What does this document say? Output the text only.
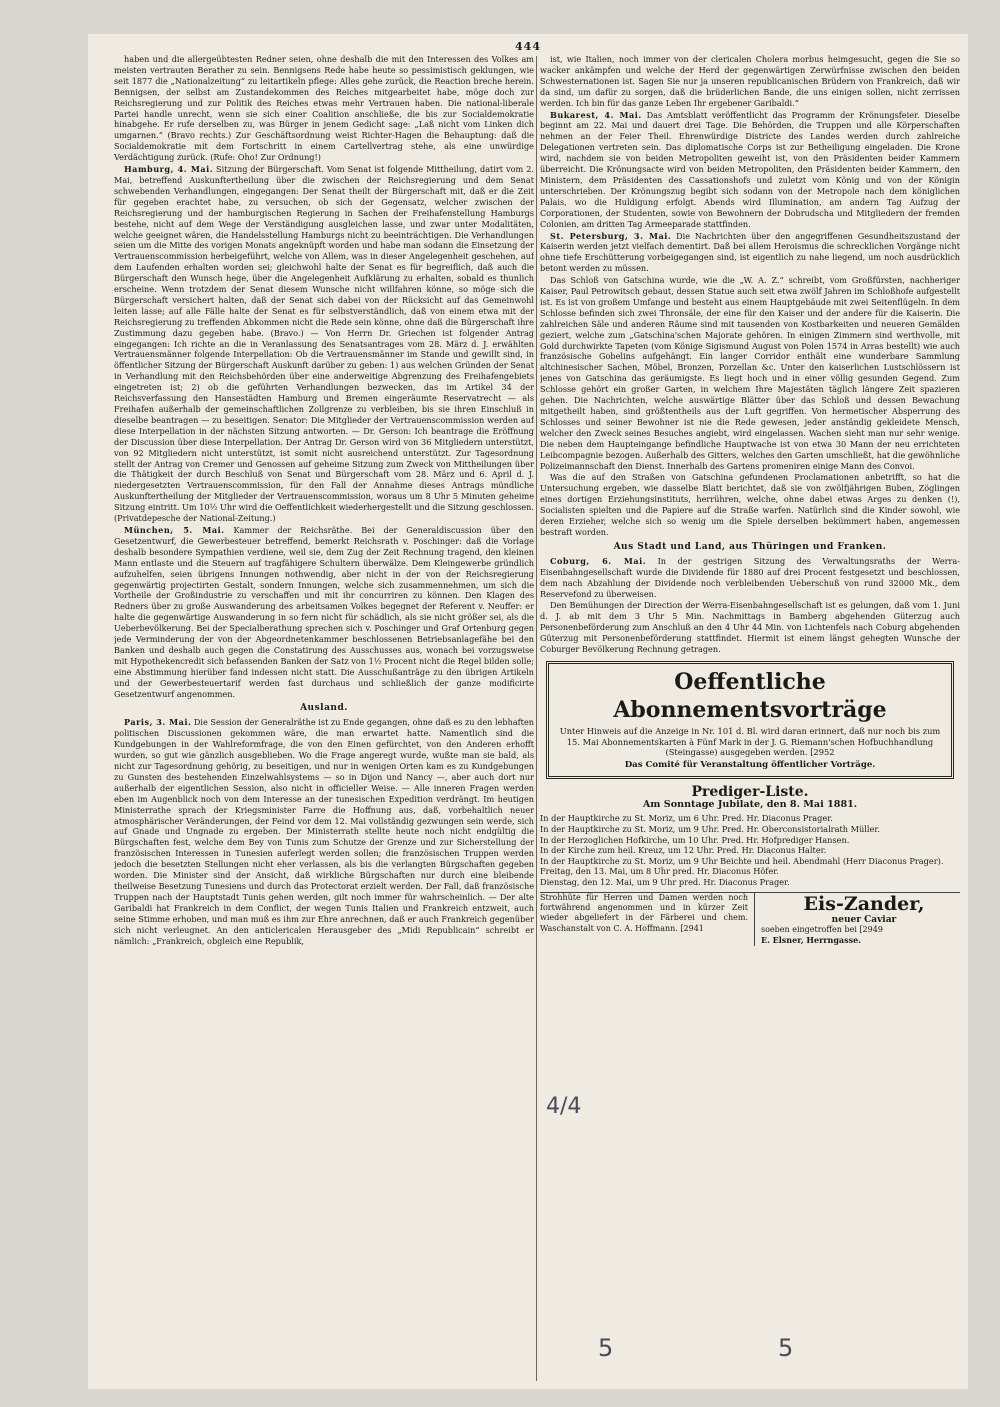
444

haben und die allergeübtesten Redner seien, ohne deshalb die mit den Interessen des Volkes am meisten vertrauten Berather zu sein. Bennigsens Rede habe heute so pessimistisch geklungen, wie seit 1877 die „Nationalzeitung“ zu leitartikeln pflege: Alles gehe zurück, die Reaction breche herein. Bennigsen, der selbst am Zustandekommen des Reiches mitgearbeitet habe, möge doch zur Reichsregierung und zur Politik des Reiches etwas mehr Vertrauen haben. Die national-liberale Partei handle unrecht, wenn sie sich einer Coalition anschließe, die bis zur Socialdemokratie hinabgehe. Er rufe derselben zu, was Bürger in jenem Gedicht sage: „Laß nicht vom Linken dich umgarnen.“ (Bravo rechts.) Zur Geschäftsordnung weist Richter-Hagen die Behauptung: daß die Socialdemokratie mit dem Fortschritt in einem Cartellvertrag stehe, als eine unwürdige Verdächtigung zurück. (Rufe: Oho! Zur Ordnung!)

Hamburg, 4. Mai. Sitzung der Bürgerschaft. Vom Senat ist folgende Mittheilung, datirt vom 2. Mai, betreffend Auskunftertheilung über die zwischen der Reichsregierung und dem Senat schwebenden Verhandlungen, eingegangen: Der Senat theilt der Bürgerschaft mit, daß er die Zeit für gegeben erachtet habe, zu versuchen, ob sich der Gegensatz, welcher zwischen der Reichsregierung und der hamburgischen Regierung in Sachen der Freihafenstellung Hamburgs bestehe, nicht auf dem Wege der Verständigung ausgleichen lasse, und zwar unter Modalitäten, welche geeignet wären, die Handelsstellung Hamburgs nicht zu beeinträchtigen. Die Verhandlungen seien um die Mitte des vorigen Monats angeknüpft worden und habe man sodann die Einsetzung der Vertrauenscommission herbeigeführt, welche von Allem, was in dieser Angelegenheit geschehen, auf dem Laufenden erhalten worden sei; gleichwohl halte der Senat es für begreiflich, daß auch die Bürgerschaft den Wunsch hege, über die Angelegenheit Aufklärung zu erhalten, sobald es thunlich erscheine. Wenn trotzdem der Senat diesem Wunsche nicht willfahren könne, so möge sich die Bürgerschaft versichert halten, daß der Senat sich dabei von der Rücksicht auf das Gemeinwohl leiten lasse; auf alle Fälle halte der Senat es für selbstverständlich, daß von einem etwa mit der Reichsregierung zu treffenden Abkommen nicht die Rede sein könne, ohne daß die Bürgerschaft ihre Zustimmung dazu gegeben habe. (Bravo.) — Von Herrn Dr. Griechen ist folgender Antrag eingegangen: Ich richte an die in Veranlassung des Senatsantrages vom 28. März d. J. erwählten Vertrauensmänner folgende Interpellation: Ob die Vertrauensmänner im Stande und gewillt sind, in öffentlicher Sitzung der Bürgerschaft Auskunft darüber zu geben: 1) aus welchen Gründen der Senat in Verhandlung mit den Reichsbehörden über eine anderweitige Abgrenzung des Freihafengebiets eingetreten ist; 2) ob die geführten Verhandlungen bezwecken, das im Artikel 34 der Reichsverfassung den Hansestädten Hamburg und Bremen eingeräumte Reservatrecht — als Freihafen außerhalb der gemeinschaftlichen Zollgrenze zu verbleiben, bis sie ihren Einschluß in dieselbe beantragen — zu beseitigen. Senator: Die Mitglieder der Vertrauenscommission werden auf diese Interpellation in der nächsten Sitzung antworten. — Dr. Gerson: Ich beantrage die Eröffnung der Discussion über diese Interpellation. Der Antrag Dr. Gerson wird von 36 Mitgliedern unterstützt, von 92 Mitgliedern nicht unterstützt, ist somit nicht ausreichend unterstützt. Zur Tagesordnung stellt der Antrag von Cremer und Genossen auf geheime Sitzung zum Zweck von Mittheilungen über die Thätigkeit der durch Beschluß von Senat und Bürgerschaft vom 28. März und 6. April d. J. niedergesetzten Vertrauenscommission, für den Fall der Annahme dieses Antrags mündliche Auskunftertheilung der Mitglieder der Vertrauenscommission, woraus um 8 Uhr 5 Minuten geheime Sitzung eintritt. Um 10½ Uhr wird die Oeffentlichkeit wiederhergestellt und die Sitzung geschlossen. (Privatdepesche der National-Zeitung.)

München, 5. Mai. Kammer der Reichsräthe. Bei der Generaldiscussion über den Gesetzentwurf, die Gewerbesteuer betreffend, bemerkt Reichsrath v. Poschinger: daß die Vorlage deshalb besondere Sympathien verdiene, weil sie, dem Zug der Zeit Rechnung tragend, den kleinen Mann entlaste und die Steuern auf tragfähigere Schultern überwälze. Dem Kleingewerbe gründlich aufzuhelfen, seien übrigens Innungen nothwendig, aber nicht in der von der Reichsregierung gegenwärtig projectirten Gestalt, sondern Innungen, welche sich zusammennehmen, um sich die Vortheile der Großindustrie zu verschaffen und mit ihr concurriren zu können. Den Klagen des Redners über zu große Auswanderung des arbeitsamen Volkes begegnet der Referent v. Neuffer: er halte die gegenwärtige Auswanderung in so fern nicht für schädlich, als sie nicht größer sei, als die Ueberbevölkerung. Bei der Specialberathung sprechen sich v. Poschinger und Graf Ortenburg gegen jede Verminderung der von der Abgeordnetenkammer beschlossenen Betriebsanlagefähe bei den Banken und deshalb auch gegen die Constatirung des Ausschusses aus, wonach bei vorzugsweise mit Hypothekencredit sich befassenden Banken der Satz von 1½ Procent nicht die Regel bilden solle; eine Abstimmung hierüber fand indessen nicht statt. Die Ausschußanträge zu den übrigen Artikeln und der Gewerbesteuertarif werden fast durchaus und schließlich der ganze modificirte Gesetzentwurf angenommen.

Ausland.

Paris, 3. Mai. Die Session der Generalräthe ist zu Ende gegangen, ohne daß es zu den lebhaften politischen Discussionen gekommen wäre, die man erwartet hatte. Namentlich sind die Kundgebungen in der Wahlreformfrage, die von den Einen gefürchtet, von den Anderen erhofft wurden, so gut wie gänzlich ausgeblieben. Wo die Frage angeregt wurde, wußte man sie bald, als nicht zur Tagesordnung gehörig, zu beseitigen, und nur in wenigen Orten kam es zu Kundgebungen zu Gunsten des bestehenden Einzelwahlsystems — so in Dijon und Nancy —, aber auch dort nur außerhalb der eigentlichen Session, also nicht in officieller Weise. — Alle inneren Fragen werden eben im Augenblick noch von dem Interesse an der tunesischen Expedition verdrängt. Im heutigen Ministerrathe sprach der Kriegsminister Farre die Hoffnung aus, daß, vorbehaltlich neuer atmosphärischer Veränderungen, der Feind vor dem 12. Mai vollständig gezwungen sein werde, sich auf Gnade und Ungnade zu ergeben. Der Ministerrath stellte heute noch nicht endgültig die Bürgschaften fest, welche dem Bey von Tunis zum Schutze der Grenze und zur Sicherstellung der französischen Interessen in Tunesien auferlegt werden sollen; die französischen Truppen werden jedoch die besetzten Stellungen nicht eher verlassen, als bis die verlangten Bürgschaften gegeben worden. Die Minister sind der Ansicht, daß wirkliche Bürgschaften nur durch eine bleibende theilweise Besetzung Tunesiens und durch das Protectorat erzielt werden. Der Fall, daß französische Truppen nach der Hauptstadt Tunis gehen werden, gilt noch immer für wahrscheinlich. — Der alte Garibaldi hat Frankreich in dem Conflict, der wegen Tunis Italien und Frankreich entzweit, auch seine Stimme erhoben, und man muß es ihm zur Ehre anrechnen, daß er auch Frankreich gegenüber sich nicht verleugnet. An den anticlericalen Herausgeber des „Midi Republicain“ schreibt er nämlich: „Frankreich, obgleich eine Republik,

ist, wie Italien, noch immer von der clericalen Cholera morbus heimgesucht, gegen die Sie so wacker ankämpfen und welche der Herd der gegenwärtigen Zerwürfnisse zwischen den beiden Schwesternationen ist. Sagen Sie nur ja unseren republicanischen Brüdern von Frankreich, daß wir da sind, um dafür zu sorgen, daß die brüderlichen Bande, die uns einigen sollen, nicht zerrissen werden. Ich bin für das ganze Leben Ihr ergebener Garibaldi.“

Bukarest, 4. Mai. Das Amtsblatt veröffentlicht das Programm der Krönungsfeier. Dieselbe beginnt am 22. Mai und dauert drei Tage. Die Behörden, die Truppen und alle Körperschaften nehmen an der Feier Theil. Ehrenwürdige Districte des Landes werden durch zahlreiche Delegationen vertreten sein. Das diplomatische Corps ist zur Betheiligung eingeladen. Die Krone wird, nachdem sie von beiden Metropoliten geweiht ist, von den Präsidenten beider Kammern überreicht. Die Krönungsacte wird von beiden Metropoliten, den Präsidenten beider Kammern, den Ministern, dem Präsidenten des Cassationshofs und zuletzt vom König und von der Königin unterschrieben. Der Krönungszug begibt sich sodann von der Metropole nach dem königlichen Palais, wo die Huldigung erfolgt. Abends wird Illumination, am andern Tag Aufzug der Corporationen, der Studenten, sowie von Bewohnern der Dobrudscha und Mitgliedern der fremden Colonien, am dritten Tag Armeeparade stattfinden.

St. Petersburg, 3. Mai. Die Nachrichten über den angegriffenen Gesundheitszustand der Kaiserin werden jetzt vielfach dementirt. Daß bei allem Heroismus die schrecklichen Vorgänge nicht ohne tiefe Erschütterung vorbeigegangen sind, ist eigentlich zu nahe liegend, um noch ausdrücklich betont werden zu müssen.

Das Schloß von Gatschina wurde, wie die „W. A. Z.“ schreibt, vom Großfürsten, nachheriger Kaiser, Paul Petrowitsch gebaut, dessen Statue auch seit etwa zwölf Jahren im Schloßhofe aufgestellt ist. Es ist von großem Umfange und besteht aus einem Hauptgebäude mit zwei Seitenflügeln. In dem Schlosse befinden sich zwei Thronsäle, der eine für den Kaiser und der andere für die Kaiserin. Die zahlreichen Säle und anderen Räume sind mit tausenden von Kostbarkeiten und neueren Gemälden geziert, welche zum „Gatschina'schen Majorate gehören. In einigen Zimmern sind werthvolle, mit Gold durchwirkte Tapeten (vom Könige Sigismund August von Polen 1574 in Arras bestellt) wie auch französische Gobelins aufgehängt. Ein langer Corridor enthält eine wunderbare Sammlung altchinesischer Sachen, Möbel, Bronzen, Porzellan &c. Unter den kaiserlichen Lustschlössern ist jenes von Gatschina das geräumigste. Es liegt hoch und in einer völlig gesunden Gegend. Zum Schlosse gehört ein großer Garten, in welchem Ihre Majestäten täglich längere Zeit spazieren gehen. Die Nachrichten, welche auswärtige Blätter über das Schloß und dessen Bewachung mitgetheilt haben, sind größtentheils aus der Luft gegriffen. Von hermetischer Absperrung des Schlosses und seiner Bewohner ist nie die Rede gewesen, jeder anständig gekleidete Mensch, welcher den Zweck seines Besuches angiebt, wird eingelassen. Wachen sieht man nur sehr wenige. Die neben dem Haupteingange befindliche Hauptwache ist von etwa 30 Mann der neu errichteten Leibcompagnie bezogen. Außerhalb des Gitters, welches den Garten umschließt, hat die gewöhnliche Polizeimannschaft den Dienst. Innerhalb des Gartens promeniren einige Mann des Convoi.

Was die auf den Straßen von Gatschina gefundenen Proclamationen anbetrifft, so hat die Untersuchung ergeben, wie dasselbe Blatt berichtet, daß sie von zwölfjährigen Buben, Zöglingen eines dortigen Erziehungsinstituts, herrühren, welche, ohne dabei etwas Arges zu denken (!), Socialisten spielten und die Papiere auf die Straße warfen. Natürlich sind die Kinder sowohl, wie deren Erzieher, welche sich so wenig um die Spiele derselben bekümmert haben, angemessen bestraft worden.

Aus Stadt und Land, aus Thüringen und Franken.

Coburg, 6. Mai. In der gestrigen Sitzung des Verwaltungsraths der Werra-Eisenbahngesellschaft wurde die Dividende für 1880 auf drei Procent festgesetzt und beschlossen, dem nach Abzahlung der Dividende noch verbleibenden Ueberschuß von rund 32000 Mk., dem Reservefond zu überweisen.

Den Bemühungen der Direction der Werra-Eisenbahngesellschaft ist es gelungen, daß vom 1. Juni d. J. ab mit dem 3 Uhr 5 Min. Nachmittags in Bamberg abgehenden Güterzug auch Personenbeförderung zum Anschluß an den 4 Uhr 44 Min. von Lichtenfels nach Coburg abgehenden Güterzug mit Personenbeförderung stattfindet. Hiermit ist einem längst gehegten Wunsche der Coburger Bevölkerung Rechnung getragen.

Oeffentliche Abonnementsvorträge
Unter Hinweis auf die Anzeige in Nr. 101 d. Bl. wird daran erinnert, daß nur noch bis zum 15. Mai Abonnementskarten à Fünf Mark in der J. G. Riemann'schen Hofbuchhandlung (Steingasse) ausgegeben werden. [2952
Das Comité für Veranstaltung öffentlicher Vorträge.
Prediger-Liste.
Am Sonntage Jubilate, den 8. Mai 1881.
In der Hauptkirche zu St. Moriz, um 6 Uhr. Pred. Hr. Diaconus Prager.
In der Hauptkirche zu St. Moriz, um 9 Uhr. Pred. Hr. Oberconsistorialrath Müller.
In der Herzoglichen Hofkirche, um 10 Uhr. Pred. Hr. Hofprediger Hansen.
In der Kirche zum heil. Kreuz, um 12 Uhr. Pred. Hr. Diaconus Halter.
In der Hauptkirche zu St. Moriz, um 9 Uhr Beichte und heil. Abendmahl (Herr Diaconus Prager).
Freitag, den 13. Mai, um 8 Uhr pred. Hr. Diaconus Höfer.
Dienstag, den 12. Mai, um 9 Uhr pred. Hr. Diaconus Prager.
Strohhüte für Herren und Damen werden noch fortwährend angenommen und in kürzer Zeit wieder abgeliefert in der Färberei und chem. Waschanstalt von C. A. Hoffmann. [2941
Eis-Zander,
neuer Caviar
soeben eingetroffen bei [2949
E. Elsner, Herrngasse.
5	5
4/4
